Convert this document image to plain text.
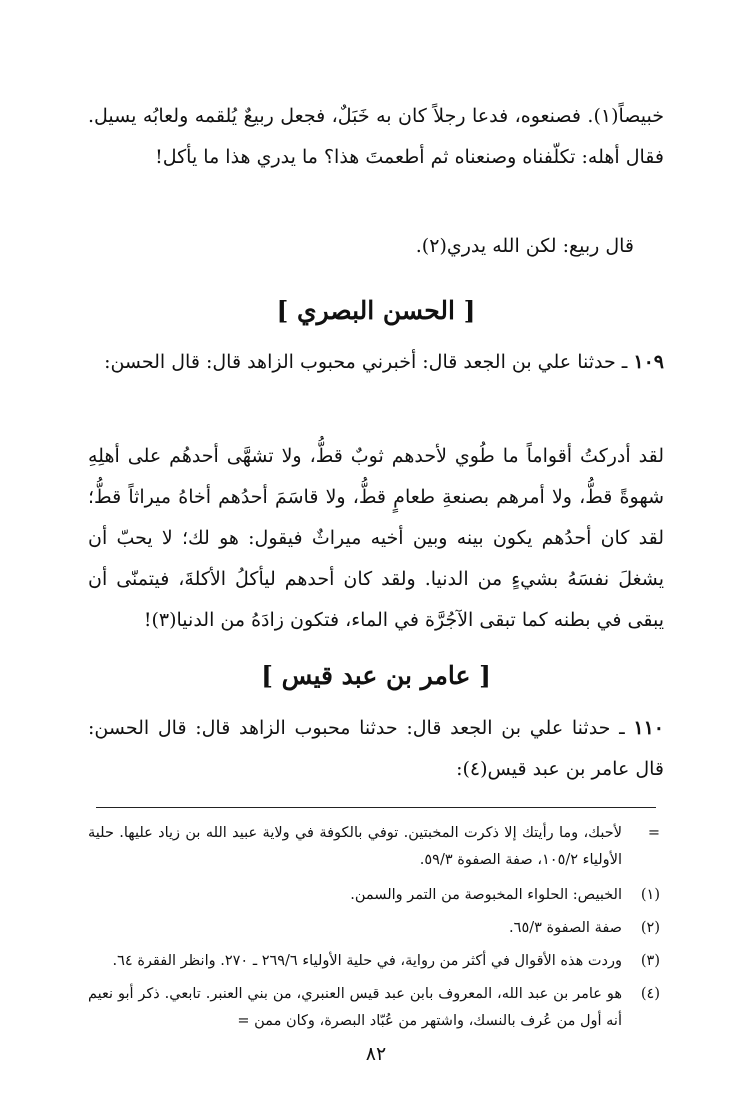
خبيصاً(١). فصنعوه، فدعا رجلاً كان به خَبَلٌ، فجعل ربيعٌ يُلقمه ولعابُه يسيل. فقال أهله: تكلّفناه وصنعناه ثم أطعمتَ هذا؟ ما يدري هذا ما يأكل!

قال ربيع: لكن الله يدري(٢).

[ الحسن البصري ]

١٠٩ ـ حدثنا علي بن الجعد قال: أخبرني محبوب الزاهد قال: قال الحسن:

لقد أدركتُ أقواماً ما طُوي لأحدهم ثوبٌ قطُّ، ولا تشهَّى أحدهُم على أهلِهِ شهوةً قطُّ، ولا أمرهم بصنعةِ طعامٍ قطُّ، ولا قاسَمَ أحدُهم أخاهُ ميراثاً قطُّ؛ لقد كان أحدُهم يكون بينه وبين أخيه ميراثٌ فيقول: هو لك؛ لا يحبّ أن يشغلَ نفسَهُ بشيءٍ من الدنيا. ولقد كان أحدهم ليأكلُ الأكلةَ، فيتمنّى أن يبقى في بطنه كما تبقى الآجُرَّة في الماء، فتكون زادَهُ من الدنيا(٣)!

[ عامر بن عبد قيس ]

١١٠ ـ حدثنا علي بن الجعد قال: حدثنا محبوب الزاهد قال: قال الحسن: قال عامر بن عبد قيس(٤):

=
لأحبك، وما رأيتك إلا ذكرت المخبتين. توفي بالكوفة في ولاية عبيد الله بن زياد عليها. حلية الأولياء ١٠٥/٢، صفة الصفوة ٥٩/٣.
(١)
الخبيص: الحلواء المخبوصة من التمر والسمن.
(٢)
صفة الصفوة ٦٥/٣.
(٣)
وردت هذه الأقوال في أكثر من رواية، في حلية الأولياء ٢٦٩/٦ ـ ٢٧٠. وانظر الفقرة ٦٤.
(٤)
هو عامر بن عبد الله، المعروف بابن عبد قيس العنبري، من بني العنبر. تابعي. ذكر أبو نعيم أنه أول من عُرف بالنسك، واشتهر من عُبّاد البصرة، وكان ممن =
٨٢
